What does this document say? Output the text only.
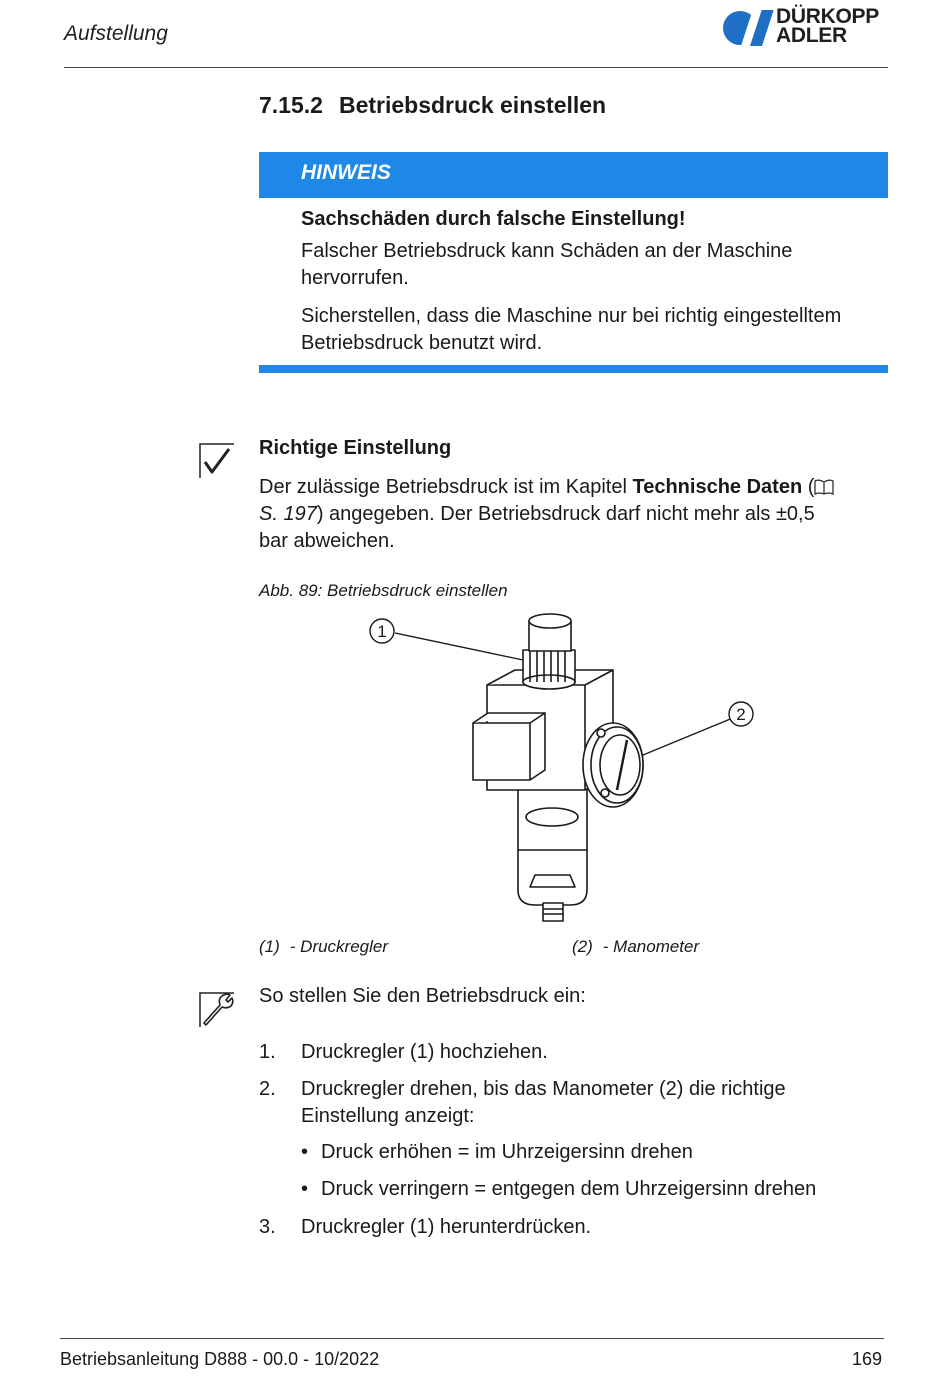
Aufstellung
DÜRKOPP
ADLER
7.15.2 Betriebsdruck einstellen
HINWEIS
Sachschäden durch falsche Einstellung!
Falscher Betriebsdruck kann Schäden an der Maschine hervorrufen.
Sicherstellen, dass die Maschine nur bei richtig eingestelltem Betriebsdruck benutzt wird.
Richtige Einstellung
Der zulässige Betriebsdruck ist im Kapitel Technische Daten ( S. 197) angegeben. Der Betriebsdruck darf nicht mehr als ±0,5 bar abweichen.
Abb. 89: Betriebsdruck einstellen
1
2
(1) - Druckregler	(2) - Manometer
So stellen Sie den Betriebsdruck ein:
1. Druckregler (1) hochziehen.
2. Druckregler drehen, bis das Manometer (2) die richtige Einstellung anzeigt:
• Druck erhöhen = im Uhrzeigersinn drehen
• Druck verringern = entgegen dem Uhrzeigersinn drehen
3. Druckregler (1) herunterdrücken.
Betriebsanleitung D888 - 00.0 - 10/2022	169
